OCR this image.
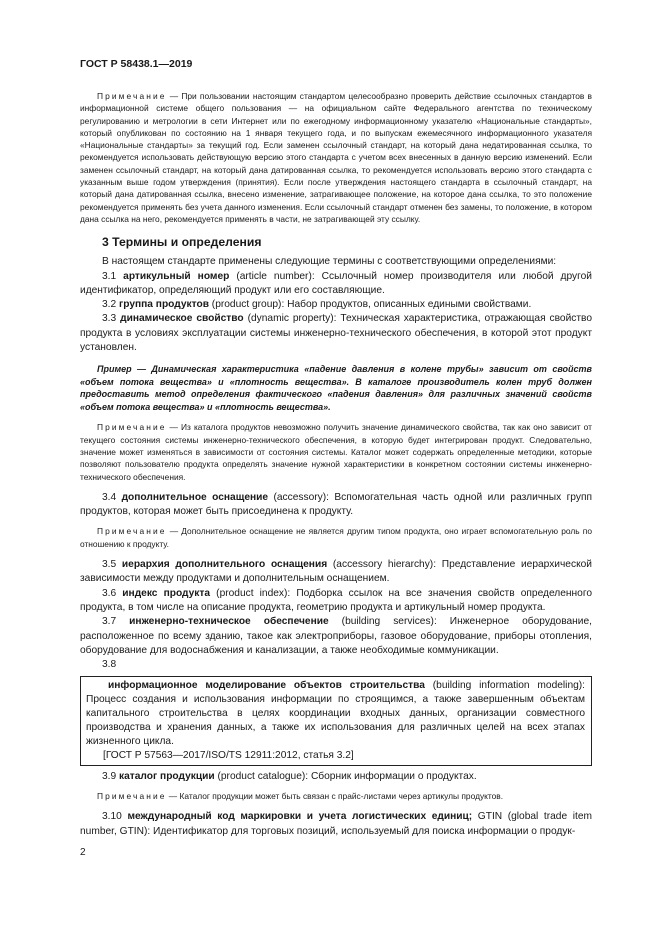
ГОСТ Р 58438.1—2019

Примечание — При пользовании настоящим стандартом целесообразно проверить действие ссылочных стандартов в информационной системе общего пользования — на официальном сайте Федерального агентства по техническому регулированию и метрологии в сети Интернет или по ежегодному информационному указателю «Национальные стандарты», который опубликован по состоянию на 1 января текущего года, и по выпускам ежемесячного информационного указателя «Национальные стандарты» за текущий год. Если заменен ссылочный стандарт, на который дана недатированная ссылка, то рекомендуется использовать действующую версию этого стандарта с учетом всех внесенных в данную версию изменений. Если заменен ссылочный стандарт, на который дана датированная ссылка, то рекомендуется использовать версию этого стандарта с указанным выше годом утверждения (принятия). Если после утверждения настоящего стандарта в ссылочный стандарт, на который дана датированная ссылка, внесено изменение, затрагивающее положение, на которое дана ссылка, то это положение рекомендуется применять без учета данного изменения. Если ссылочный стандарт отменен без замены, то положение, в котором дана ссылка на него, рекомендуется применять в части, не затрагивающей эту ссылку.

3 Термины и определения

В настоящем стандарте применены следующие термины с соответствующими определениями:

3.1 артикульный номер (article number): Ссылочный номер производителя или любой другой идентификатор, определяющий продукт или его составляющие.

3.2 группа продуктов (product group): Набор продуктов, описанных едиными свойствами.

3.3 динамическое свойство (dynamic property): Техническая характеристика, отражающая свойство продукта в условиях эксплуатации системы инженерно-технического обеспечения, в которой этот продукт установлен.

Пример — Динамическая характеристика «падение давления в колене трубы» зависит от свойств «объем потока вещества» и «плотность вещества». В каталоге производитель колен труб должен предоставить метод определения фактического «падения давления» для различных значений свойств «объем потока вещества» и «плотность вещества».

Примечание — Из каталога продуктов невозможно получить значение динамического свойства, так как оно зависит от текущего состояния системы инженерно-технического обеспечения, в которую будет интегрирован продукт. Следовательно, значение может изменяться в зависимости от состояния системы. Каталог может содержать определенные методики, которые позволяют пользователю продукта определять значение нужной характеристики в конкретном состоянии системы инженерно-технического обеспечения.

3.4 дополнительное оснащение (accessory): Вспомогательная часть одной или различных групп продуктов, которая может быть присоединена к продукту.

Примечание — Дополнительное оснащение не является другим типом продукта, оно играет вспомогательную роль по отношению к продукту.

3.5 иерархия дополнительного оснащения (accessory hierarchy): Представление иерархической зависимости между продуктами и дополнительным оснащением.

3.6 индекс продукта (product index): Подборка ссылок на все значения свойств определенного продукта, в том числе на описание продукта, геометрию продукта и артикульный номер продукта.

3.7 инженерно-техническое обеспечение (building services): Инженерное оборудование, расположенное по всему зданию, такое как электроприборы, газовое оборудование, приборы отопления, оборудование для водоснабжения и канализации, а также необходимые коммуникации.

3.8

информационное моделирование объектов строительства (building information modeling): Процесс создания и использования информации по строящимся, а также завершенным объектам капитального строительства в целях координации входных данных, организации совместного производства и хранения данных, а также их использования для различных целей на всех этапах жизненного цикла.

[ГОСТ Р 57563—2017/ISO/TS 12911:2012, статья 3.2]

3.9 каталог продукции (product catalogue): Сборник информации о продуктах.

Примечание — Каталог продукции может быть связан с прайс-листами через артикулы продуктов.

3.10 международный код маркировки и учета логистических единиц; GTIN (global trade item number, GTIN): Идентификатор для торговых позиций, используемый для поиска информации о продук-

2
